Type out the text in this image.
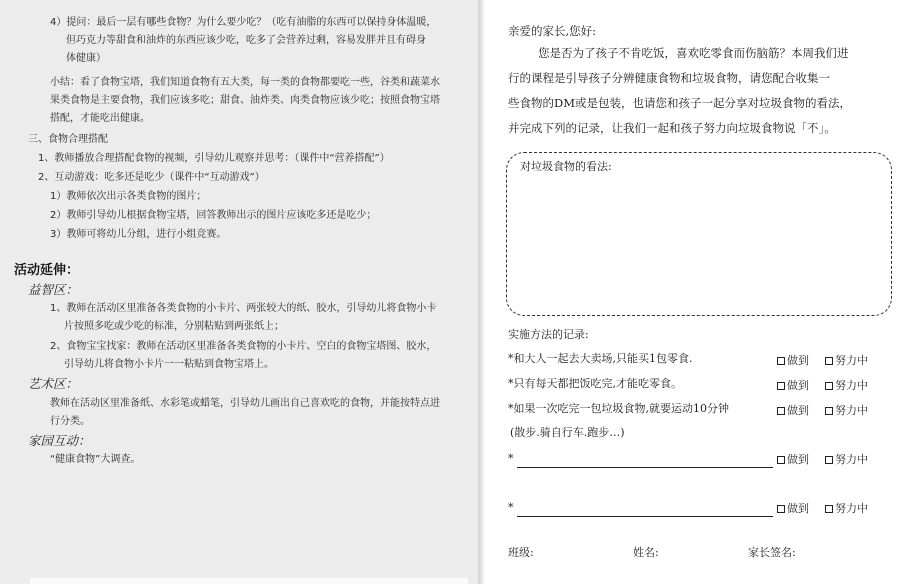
4）提问：最后一层有哪些食物？为什么要少吃？（吃有油脂的东西可以保持身体温暖，
但巧克力等甜食和油炸的东西应该少吃，吃多了会营养过剩，容易发胖并且有碍身
体健康）
小结：看了食物宝塔，我们知道食物有五大类，每一类的食物都要吃一些，谷类和蔬菜水
果类食物是主要食物，我们应该多吃；甜食、油炸类、肉类食物应该少吃；按照食物宝塔
搭配，才能吃出健康。
三、食物合理搭配
1、教师播放合理搭配食物的视频，引导幼儿观察并思考：（课件中“营养搭配”）
2、互动游戏：吃多还是吃少（课件中“互动游戏”）
1）教师依次出示各类食物的图片；
2）教师引导幼儿根据食物宝塔，回答教师出示的图片应该吃多还是吃少；
3）教师可将幼儿分组，进行小组竞赛。
活动延伸：
益智区：
1、教师在活动区里准备各类食物的小卡片、两张较大的纸、胶水，引导幼儿将食物小卡
片按照多吃或少吃的标准，分别粘贴到两张纸上；
2、食物宝宝找家：教师在活动区里准备各类食物的小卡片、空白的食物宝塔图、胶水，
引导幼儿将食物小卡片一一粘贴到食物宝塔上。
艺术区：
教师在活动区里准备纸、水彩笔或蜡笔，引导幼儿画出自己喜欢吃的食物，并能按特点进
行分类。
家园互动：
“健康食物”大调查。
亲爱的家长,您好:
您是否为了孩子不肯吃饭，喜欢吃零食而伤脑筋？本周我们进
行的课程是引导孩子分辨健康食物和垃圾食物，请您配合收集一
些食物的DM或是包装，也请您和孩子一起分享对垃圾食物的看法，
并完成下列的记录，让我们一起和孩子努力向垃圾食物说「不」。
对垃圾食物的看法:
实施方法的记录:
*和大人一起去大卖场,只能买1包零食.	做到	努力中
*只有每天都把饭吃完,才能吃零食。	做到	努力中
*如果一次吃完一包垃圾食物,就要运动10分钟	做到	努力中
(散步.骑自行车.跑步…)
*	做到	努力中
*	做到	努力中
班级:	姓名:	家长签名:
